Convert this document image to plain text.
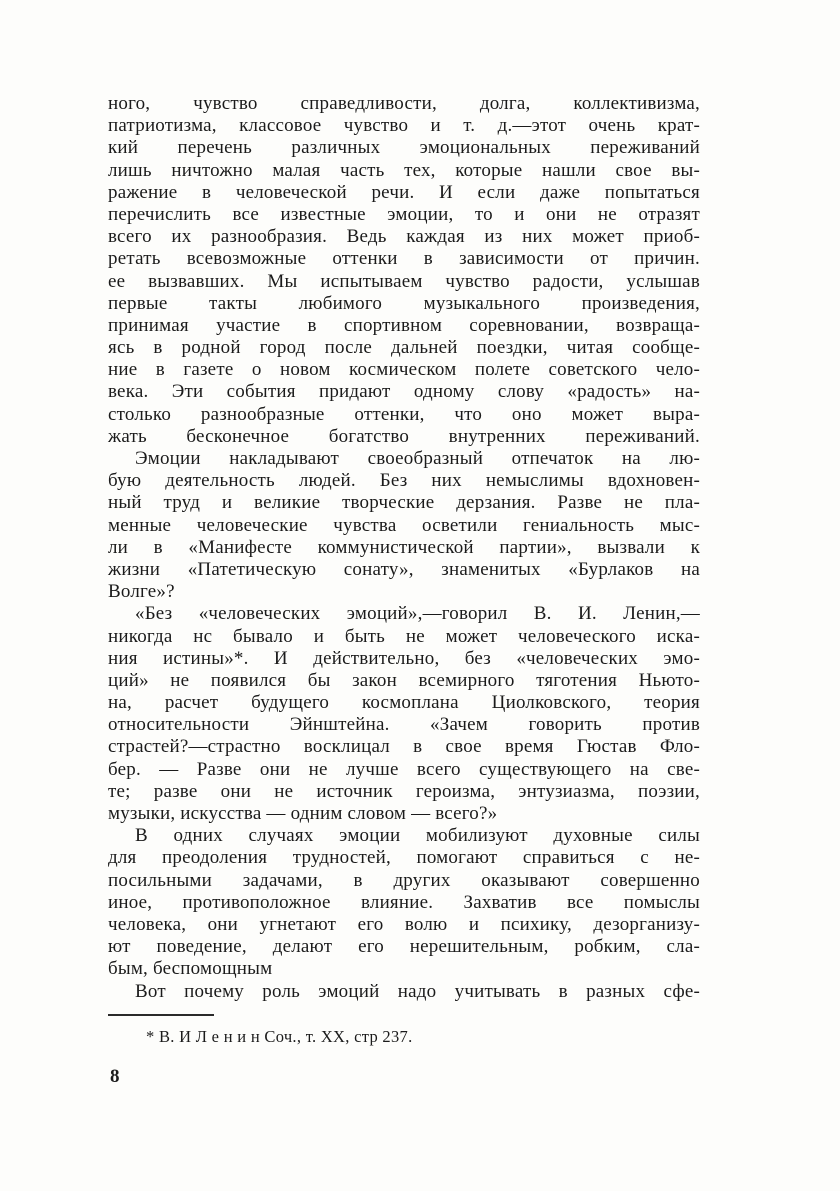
ного, чувство справедливости, долга, коллективизма,
патриотизма, классовое чувство и т. д.—этот очень крат-
кий перечень различных эмоциональных переживаний
лишь ничтожно малая часть тех, которые нашли свое вы-
ражение в человеческой речи. И если даже попытаться
перечислить все известные эмоции, то и они не отразят
всего их разнообразия. Ведь каждая из них может приоб-
ретать всевозможные оттенки в зависимости от причин.
ее вызвавших. Мы испытываем чувство радости, услышав
первые такты любимого музыкального произведения,
принимая участие в спортивном соревновании, возвраща-
ясь в родной город после дальней поездки, читая сообще-
ние в газете о новом космическом полете советского чело-
века. Эти события придают одному слову «радость» на-
столько разнообразные оттенки, что оно может выра-
жать бесконечное богатство внутренних переживаний.
Эмоции накладывают своеобразный отпечаток на лю-
бую деятельность людей. Без них немыслимы вдохновен-
ный труд и великие творческие дерзания. Разве не пла-
менные человеческие чувства осветили гениальность мыс-
ли в «Манифесте коммунистической партии», вызвали к
жизни «Патетическую сонату», знаменитых «Бурлаков на
Волге»?
«Без «человеческих эмоций»,—говорил В. И. Ленин,—
никогда нс бывало и быть не может человеческого иска-
ния истины»*. И действительно, без «человеческих эмо-
ций» не появился бы закон всемирного тяготения Ньюто-
на, расчет будущего космоплана Циолковского, теория
относительности Эйнштейна. «Зачем говорить против
страстей?—страстно восклицал в свое время Гюстав Фло-
бер. — Разве они не лучше всего существующего на све-
те; разве они не источник героизма, энтузиазма, поэзии,
музыки, искусства — одним словом — всего?»
В одних случаях эмоции мобилизуют духовные силы
для преодоления трудностей, помогают справиться с не-
посильными задачами, в других оказывают совершенно
иное, противоположное влияние. Захватив все помыслы
человека, они угнетают его волю и психику, дезорганизу-
ют поведение, делают его нерешительным, робким, сла-
бым, беспомощным
Вот почему роль эмоций надо учитывать в разных сфе-
* В. И Л е н и н Соч., т. XX, стр 237.
8
